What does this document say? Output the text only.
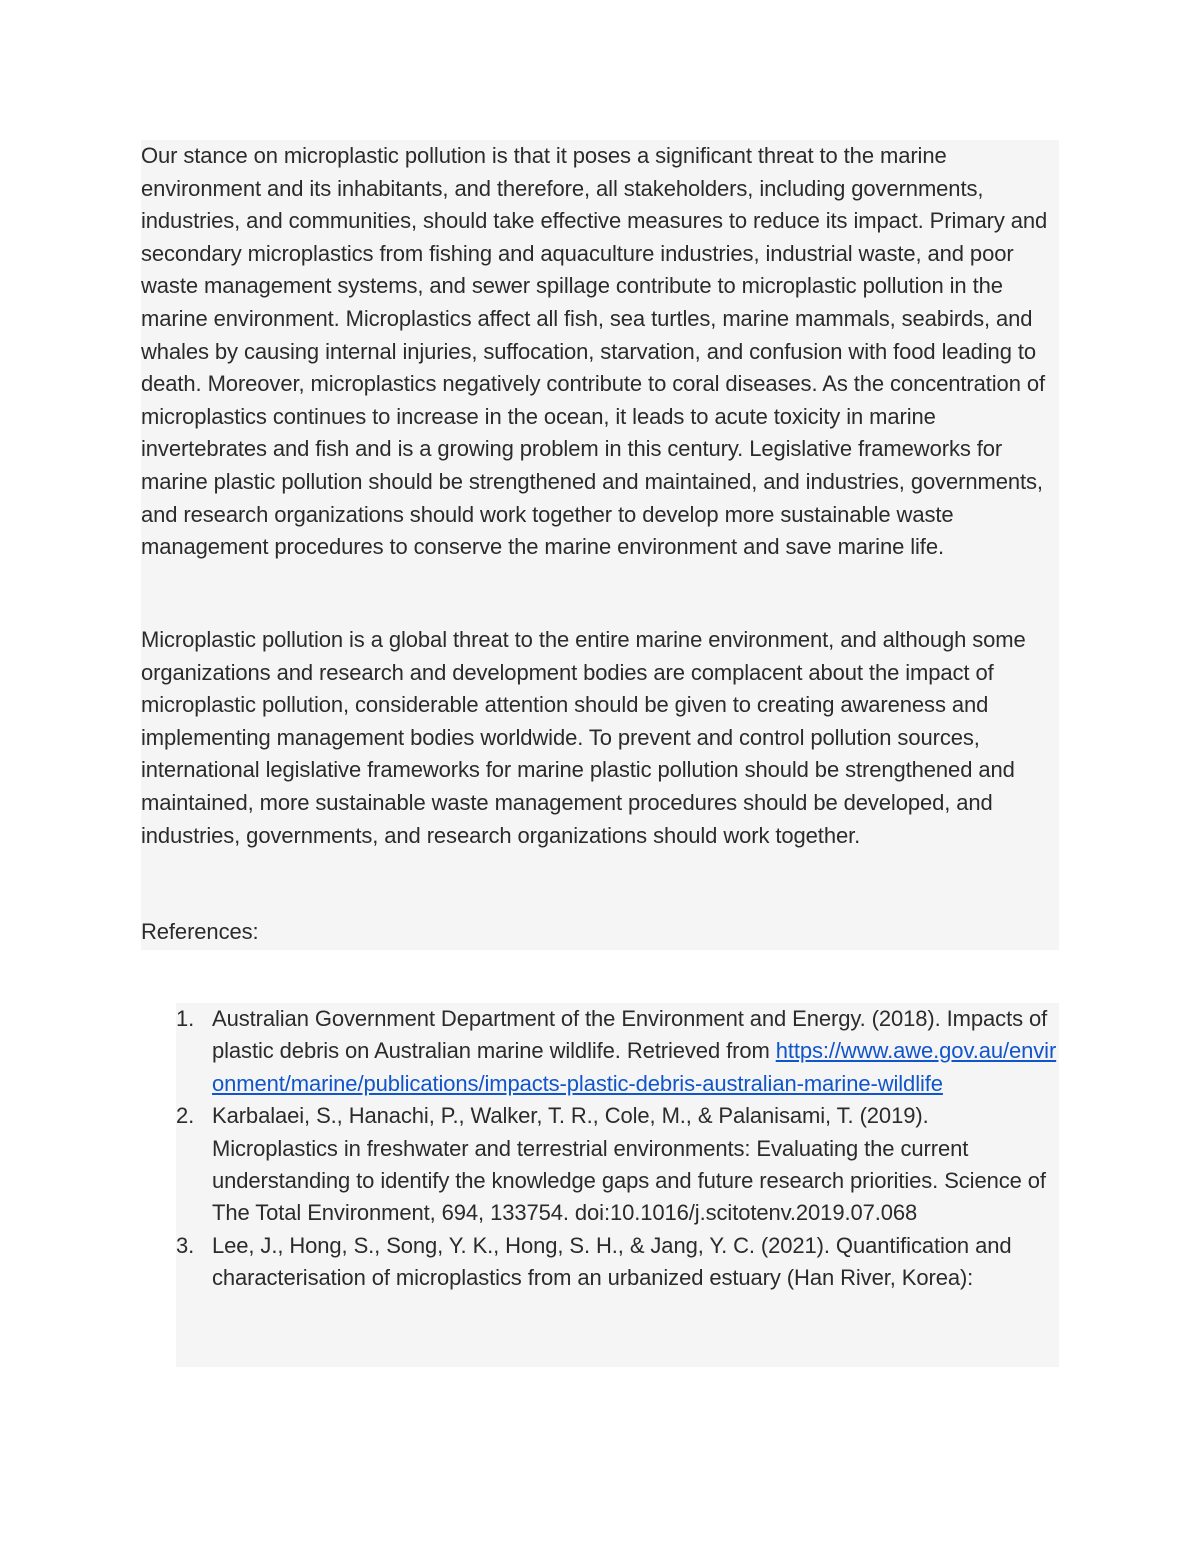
Our stance on microplastic pollution is that it poses a significant threat to the marine environment and its inhabitants, and therefore, all stakeholders, including governments, industries, and communities, should take effective measures to reduce its impact. Primary and secondary microplastics from fishing and aquaculture industries, industrial waste, and poor waste management systems, and sewer spillage contribute to microplastic pollution in the marine environment. Microplastics affect all fish, sea turtles, marine mammals, seabirds, and whales by causing internal injuries, suffocation, starvation, and confusion with food leading to death. Moreover, microplastics negatively contribute to coral diseases. As the concentration of microplastics continues to increase in the ocean, it leads to acute toxicity in marine invertebrates and fish and is a growing problem in this century. Legislative frameworks for marine plastic pollution should be strengthened and maintained, and industries, governments, and research organizations should work together to develop more sustainable waste management procedures to conserve the marine environment and save marine life.

Microplastic pollution is a global threat to the entire marine environment, and although some organizations and research and development bodies are complacent about the impact of microplastic pollution, considerable attention should be given to creating awareness and implementing management bodies worldwide. To prevent and control pollution sources, international legislative frameworks for marine plastic pollution should be strengthened and maintained, more sustainable waste management procedures should be developed, and industries, governments, and research organizations should work together.

References:

1. Australian Government Department of the Environment and Energy. (2018). Impacts of plastic debris on Australian marine wildlife. Retrieved from https://www.awe.gov.au/environment/marine/publications/impacts-plastic-debris-australian-marine-wildlife
2. Karbalaei, S., Hanachi, P., Walker, T. R., Cole, M., & Palanisami, T. (2019). Microplastics in freshwater and terrestrial environments: Evaluating the current understanding to identify the knowledge gaps and future research priorities. Science of The Total Environment, 694, 133754. doi:10.1016/j.scitotenv.2019.07.068
3. Lee, J., Hong, S., Song, Y. K., Hong, S. H., & Jang, Y. C. (2021). Quantification and characterisation of microplastics from an urbanized estuary (Han River, Korea):
